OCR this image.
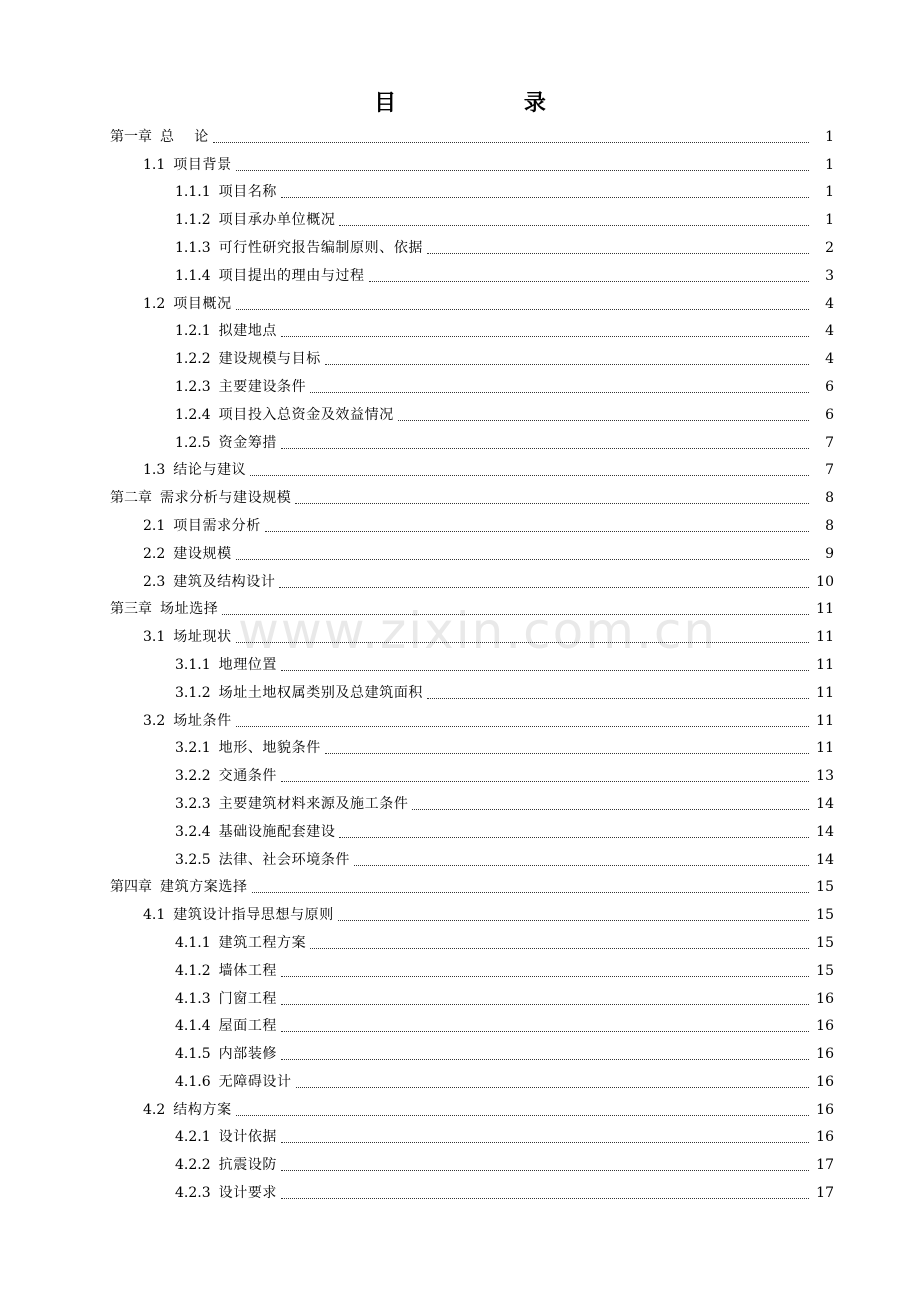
目 录
www.zixin.com.cn
第一章 总　 论	1
1.1 项目背景	1
1.1.1 项目名称	1
1.1.2 项目承办单位概况	1
1.1.3 可行性研究报告编制原则、依据	2
1.1.4 项目提出的理由与过程	3
1.2 项目概况	4
1.2.1 拟建地点	4
1.2.2 建设规模与目标	4
1.2.3 主要建设条件	6
1.2.4 项目投入总资金及效益情况	6
1.2.5 资金筹措	7
1.3 结论与建议	7
第二章 需求分析与建设规模	8
2.1 项目需求分析	8
2.2 建设规模	9
2.3 建筑及结构设计	10
第三章 场址选择	11
3.1 场址现状	11
3.1.1 地理位置	11
3.1.2 场址土地权属类别及总建筑面积	11
3.2 场址条件	11
3.2.1 地形、地貌条件	11
3.2.2 交通条件	13
3.2.3 主要建筑材料来源及施工条件	14
3.2.4 基础设施配套建设	14
3.2.5 法律、社会环境条件	14
第四章 建筑方案选择	15
4.1 建筑设计指导思想与原则	15
4.1.1 建筑工程方案	15
4.1.2 墙体工程	15
4.1.3 门窗工程	16
4.1.4 屋面工程	16
4.1.5 内部装修	16
4.1.6 无障碍设计	16
4.2 结构方案	16
4.2.1 设计依据	16
4.2.2 抗震设防	17
4.2.3 设计要求	17
